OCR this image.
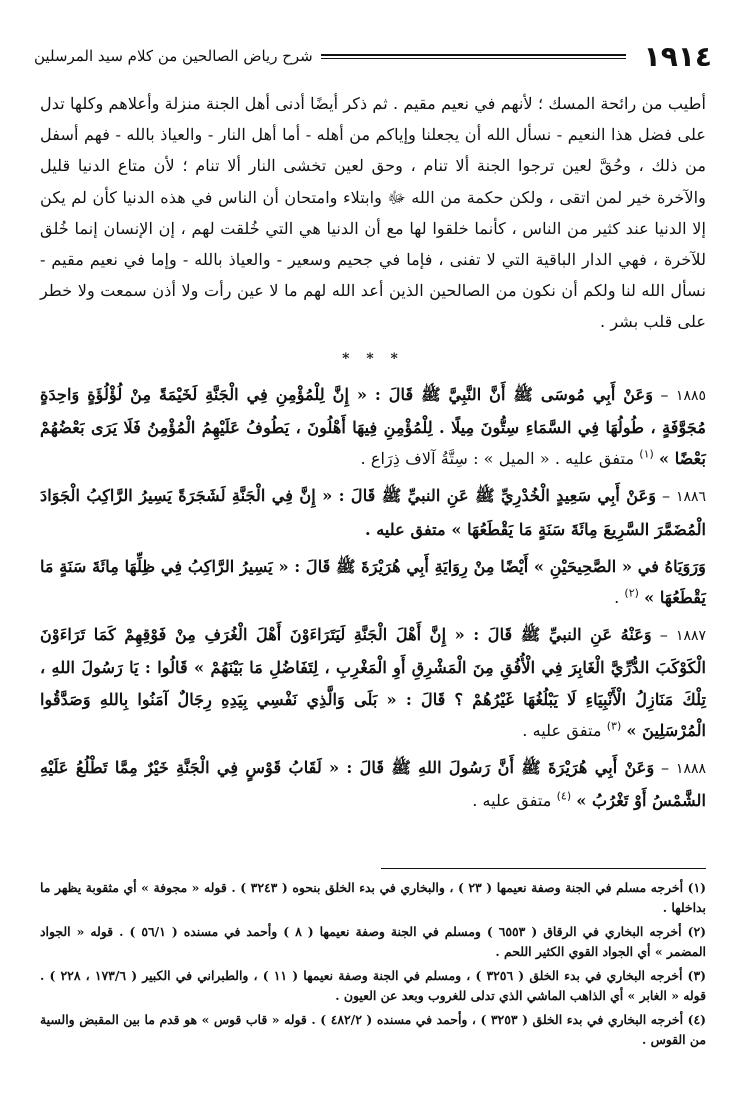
شرح رياض الصالحين من كلام سيد المرسلين	١٩١٤

أطيب من رائحة المسك ؛ لأنهم في نعيم مقيم . ثم ذكر أيضًا أدنى أهل الجنة منزلة وأعلاهم وكلها تدل على فضل هذا النعيم - نسأل الله أن يجعلنا وإياكم من أهله - أما أهل النار - والعياذ بالله - فهم أسفل من ذلك ، وحُقَّ لعين ترجوا الجنة ألا تنام ، وحق لعين تخشى النار ألا تنام ؛ لأن متاع الدنيا قليل والآخرة خير لمن اتقى ، ولكن حكمة من الله ﷻ وابتلاء وامتحان أن الناس في هذه الدنيا كأن لم يكن إلا الدنيا عند كثير من الناس ، كأنما خلقوا لها مع أن الدنيا هي التي خُلقت لهم ، إن الإنسان إنما خُلق للآخرة ، فهي الدار الباقية التي لا تفنى ، فإما في جحيم وسعير - والعياذ بالله - وإما في نعيم مقيم - نسأل الله لنا ولكم أن نكون من الصالحين الذين أعد الله لهم ما لا عين رأت ولا أذن سمعت ولا خطر على قلب بشر .

* * *

١٨٨٥ – وَعَنْ أَبِي مُوسَى ﷺ أَنَّ النَّبِيَّ ﷺ قَالَ : « إِنَّ لِلْمُؤْمِنِ فِي الْجَنَّةِ لَخَيْمَةً مِنْ لُؤْلُؤَةٍ وَاحِدَةٍ مُجَوَّفَةٍ ، طُولُهَا فِي السَّمَاءِ سِتُّونَ مِيلًا . لِلْمُؤْمِنِ فِيهَا أَهْلُونَ ، يَطُوفُ عَلَيْهِمُ الْمُؤْمِنُ فَلَا يَرَى بَعْضُهُمْ بَعْضًا » $^{(١)}$ متفق عليه . « الميل » : سِتَّةُ آلاف ذِرَاع .

١٨٨٦ – وَعَنْ أَبِي سَعِيدٍ الْخُدْرِيِّ ﷺ عَنِ النبيِّ ﷺ قَالَ : « إِنَّ فِي الْجَنَّةِ لَشَجَرَةً يَسِيرُ الرَّاكِبُ الْجَوَادَ الْمُضَمَّرَ السَّرِيعَ مِائَةَ سَنَةٍ مَا يَقْطَعُهَا » متفق عليه .

وَرَوَيَاهُ في « الصَّحِيحَيْنِ » أَيْضًا مِنْ رِوَايَةِ أَبِي هُرَيْرَةَ ﷺ قَالَ : « يَسِيرُ الرَّاكِبُ فِي ظِلِّهَا مِائَةَ سَنَةٍ مَا يَقْطَعُهَا » $^{(٢)}$ .

١٨٨٧ – وَعَنْهُ عَنِ النبيِّ ﷺ قَالَ : « إِنَّ أَهْلَ الْجَنَّةِ لَيَتَرَاءَوْنَ أَهْلَ الْغُرَفِ مِنْ فَوْقِهِمْ كَمَا تَرَاءَوْنَ الْكَوْكَبَ الدُّرِّيَّ الْغَابِرَ فِي الْأُفُقِ مِنَ الْمَشْرِقِ أَوِ الْمَغْرِبِ ، لِتَفَاضُلِ مَا بَيْنَهُمْ » قَالُوا : يَا رَسُولَ اللهِ ، تِلْكَ مَنَازِلُ الْأَنْبِيَاءِ لَا يَبْلُغُهَا غَيْرُهُمْ ؟ قَالَ : « بَلَى وَالَّذِي نَفْسِي بِيَدِهِ رِجَالٌ آمَنُوا بِاللهِ وَصَدَّقُوا الْمُرْسَلِينَ » $^{(٣)}$ متفق عليه .

١٨٨٨ – وَعَنْ أَبِي هُرَيْرَةَ ﷺ أَنَّ رَسُولَ اللهِ ﷺ قَالَ : « لَقَابُ قَوْسٍ فِي الْجَنَّةِ خَيْرٌ مِمَّا تَطْلُعُ عَلَيْهِ الشَّمْسُ أَوْ تَغْرُبُ » $^{(٤)}$ متفق عليه .

(١) أخرجه مسلم في الجنة وصفة نعيمها ( ٢٣ ) ، والبخاري في بدء الخلق بنحوه ( ٣٢٤٣ ) . قوله « مجوفة » أي مثقوبة يظهر ما بداخلها .

(٢) أخرجه البخاري في الرقاق ( ٦٥٥٣ ) ومسلم في الجنة وصفة نعيمها ( ٨ ) وأحمد في مسنده ( ٥٦/١ ) . قوله « الجواد المضمر » أي الجواد القوي الكثير اللحم .

(٣) أخرجه البخاري في بدء الخلق ( ٣٢٥٦ ) ، ومسلم في الجنة وصفة نعيمها ( ١١ ) ، والطبراني في الكبير ( ١٧٣/٦ ، ٢٢٨ ) . قوله « الغابر » أي الذاهب الماشي الذي تدلى للغروب وبعد عن العيون .

(٤) أخرجه البخاري في بدء الخلق ( ٣٢٥٣ ) ، وأحمد في مسنده ( ٤٨٢/٢ ) . قوله « قاب قوس » هو قدم ما بين المقبض والسية من القوس .
